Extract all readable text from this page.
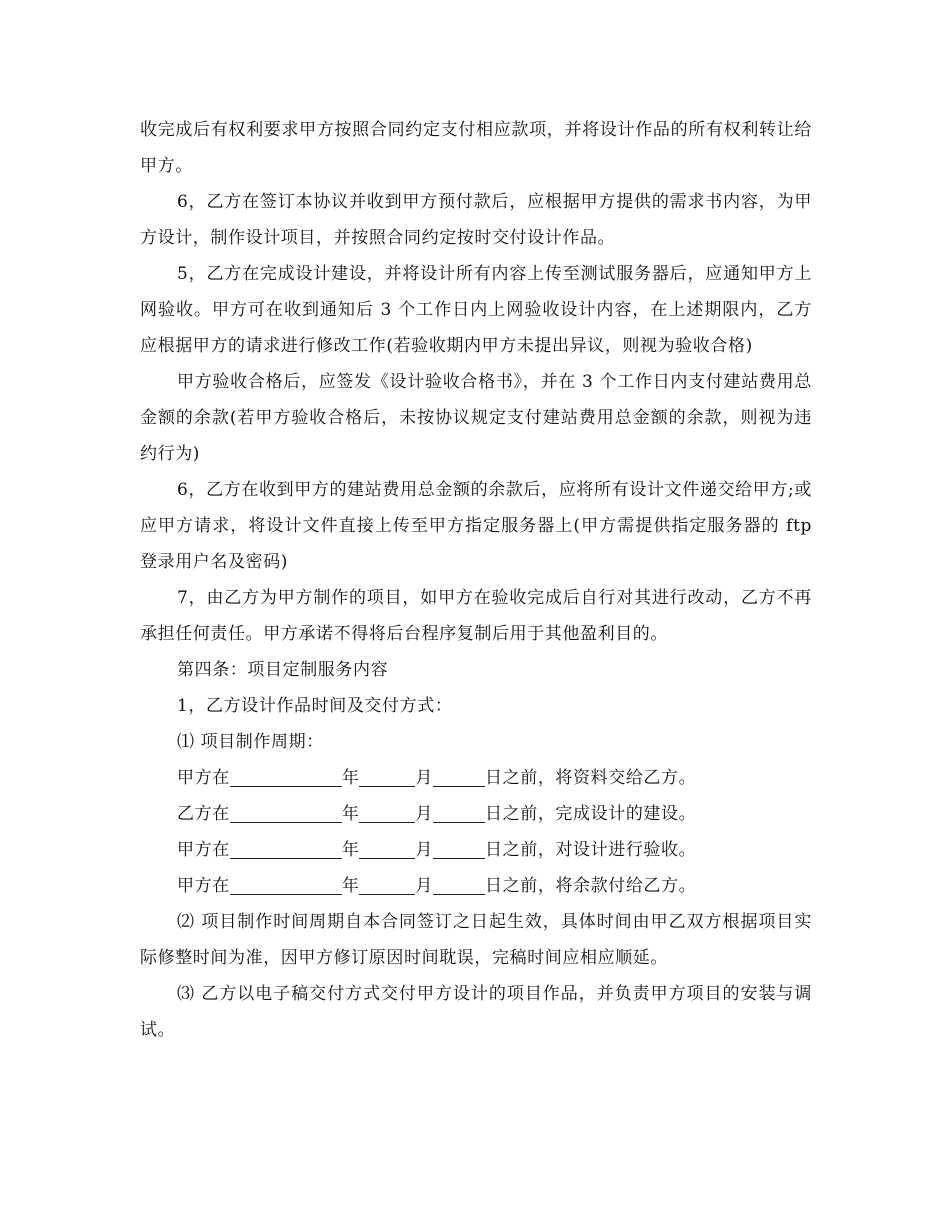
收完成后有权利要求甲方按照合同约定支付相应款项，并将设计作品的所有权利转让给甲方。

6，乙方在签订本协议并收到甲方预付款后，应根据甲方提供的需求书内容，为甲方设计，制作设计项目，并按照合同约定按时交付设计作品。

5，乙方在完成设计建设，并将设计所有内容上传至测试服务器后，应通知甲方上网验收。甲方可在收到通知后 3 个工作日内上网验收设计内容，在上述期限内，乙方应根据甲方的请求进行修改工作(若验收期内甲方未提出异议，则视为验收合格)

甲方验收合格后，应签发《设计验收合格书》，并在 3 个工作日内支付建站费用总金额的余款(若甲方验收合格后，未按协议规定支付建站费用总金额的余款，则视为违约行为)

6，乙方在收到甲方的建站费用总金额的余款后，应将所有设计文件递交给甲方;或应甲方请求，将设计文件直接上传至甲方指定服务器上(甲方需提供指定服务器的 ftp 登录用户名及密码)

7，由乙方为甲方制作的项目，如甲方在验收完成后自行对其进行改动，乙方不再承担任何责任。甲方承诺不得将后台程序复制后用于其他盈利目的。

第四条：项目定制服务内容

1，乙方设计作品时间及交付方式：

⑴ 项目制作周期：

甲方在	年	月	日之前，将资料交给乙方。
乙方在	年	月	日之前，完成设计的建设。
甲方在	年	月	日之前，对设计进行验收。
甲方在	年	月	日之前，将余款付给乙方。

⑵ 项目制作时间周期自本合同签订之日起生效，具体时间由甲乙双方根据项目实际修整时间为准，因甲方修订原因时间耽误，完稿时间应相应顺延。

⑶ 乙方以电子稿交付方式交付甲方设计的项目作品，并负责甲方项目的安装与调试。
